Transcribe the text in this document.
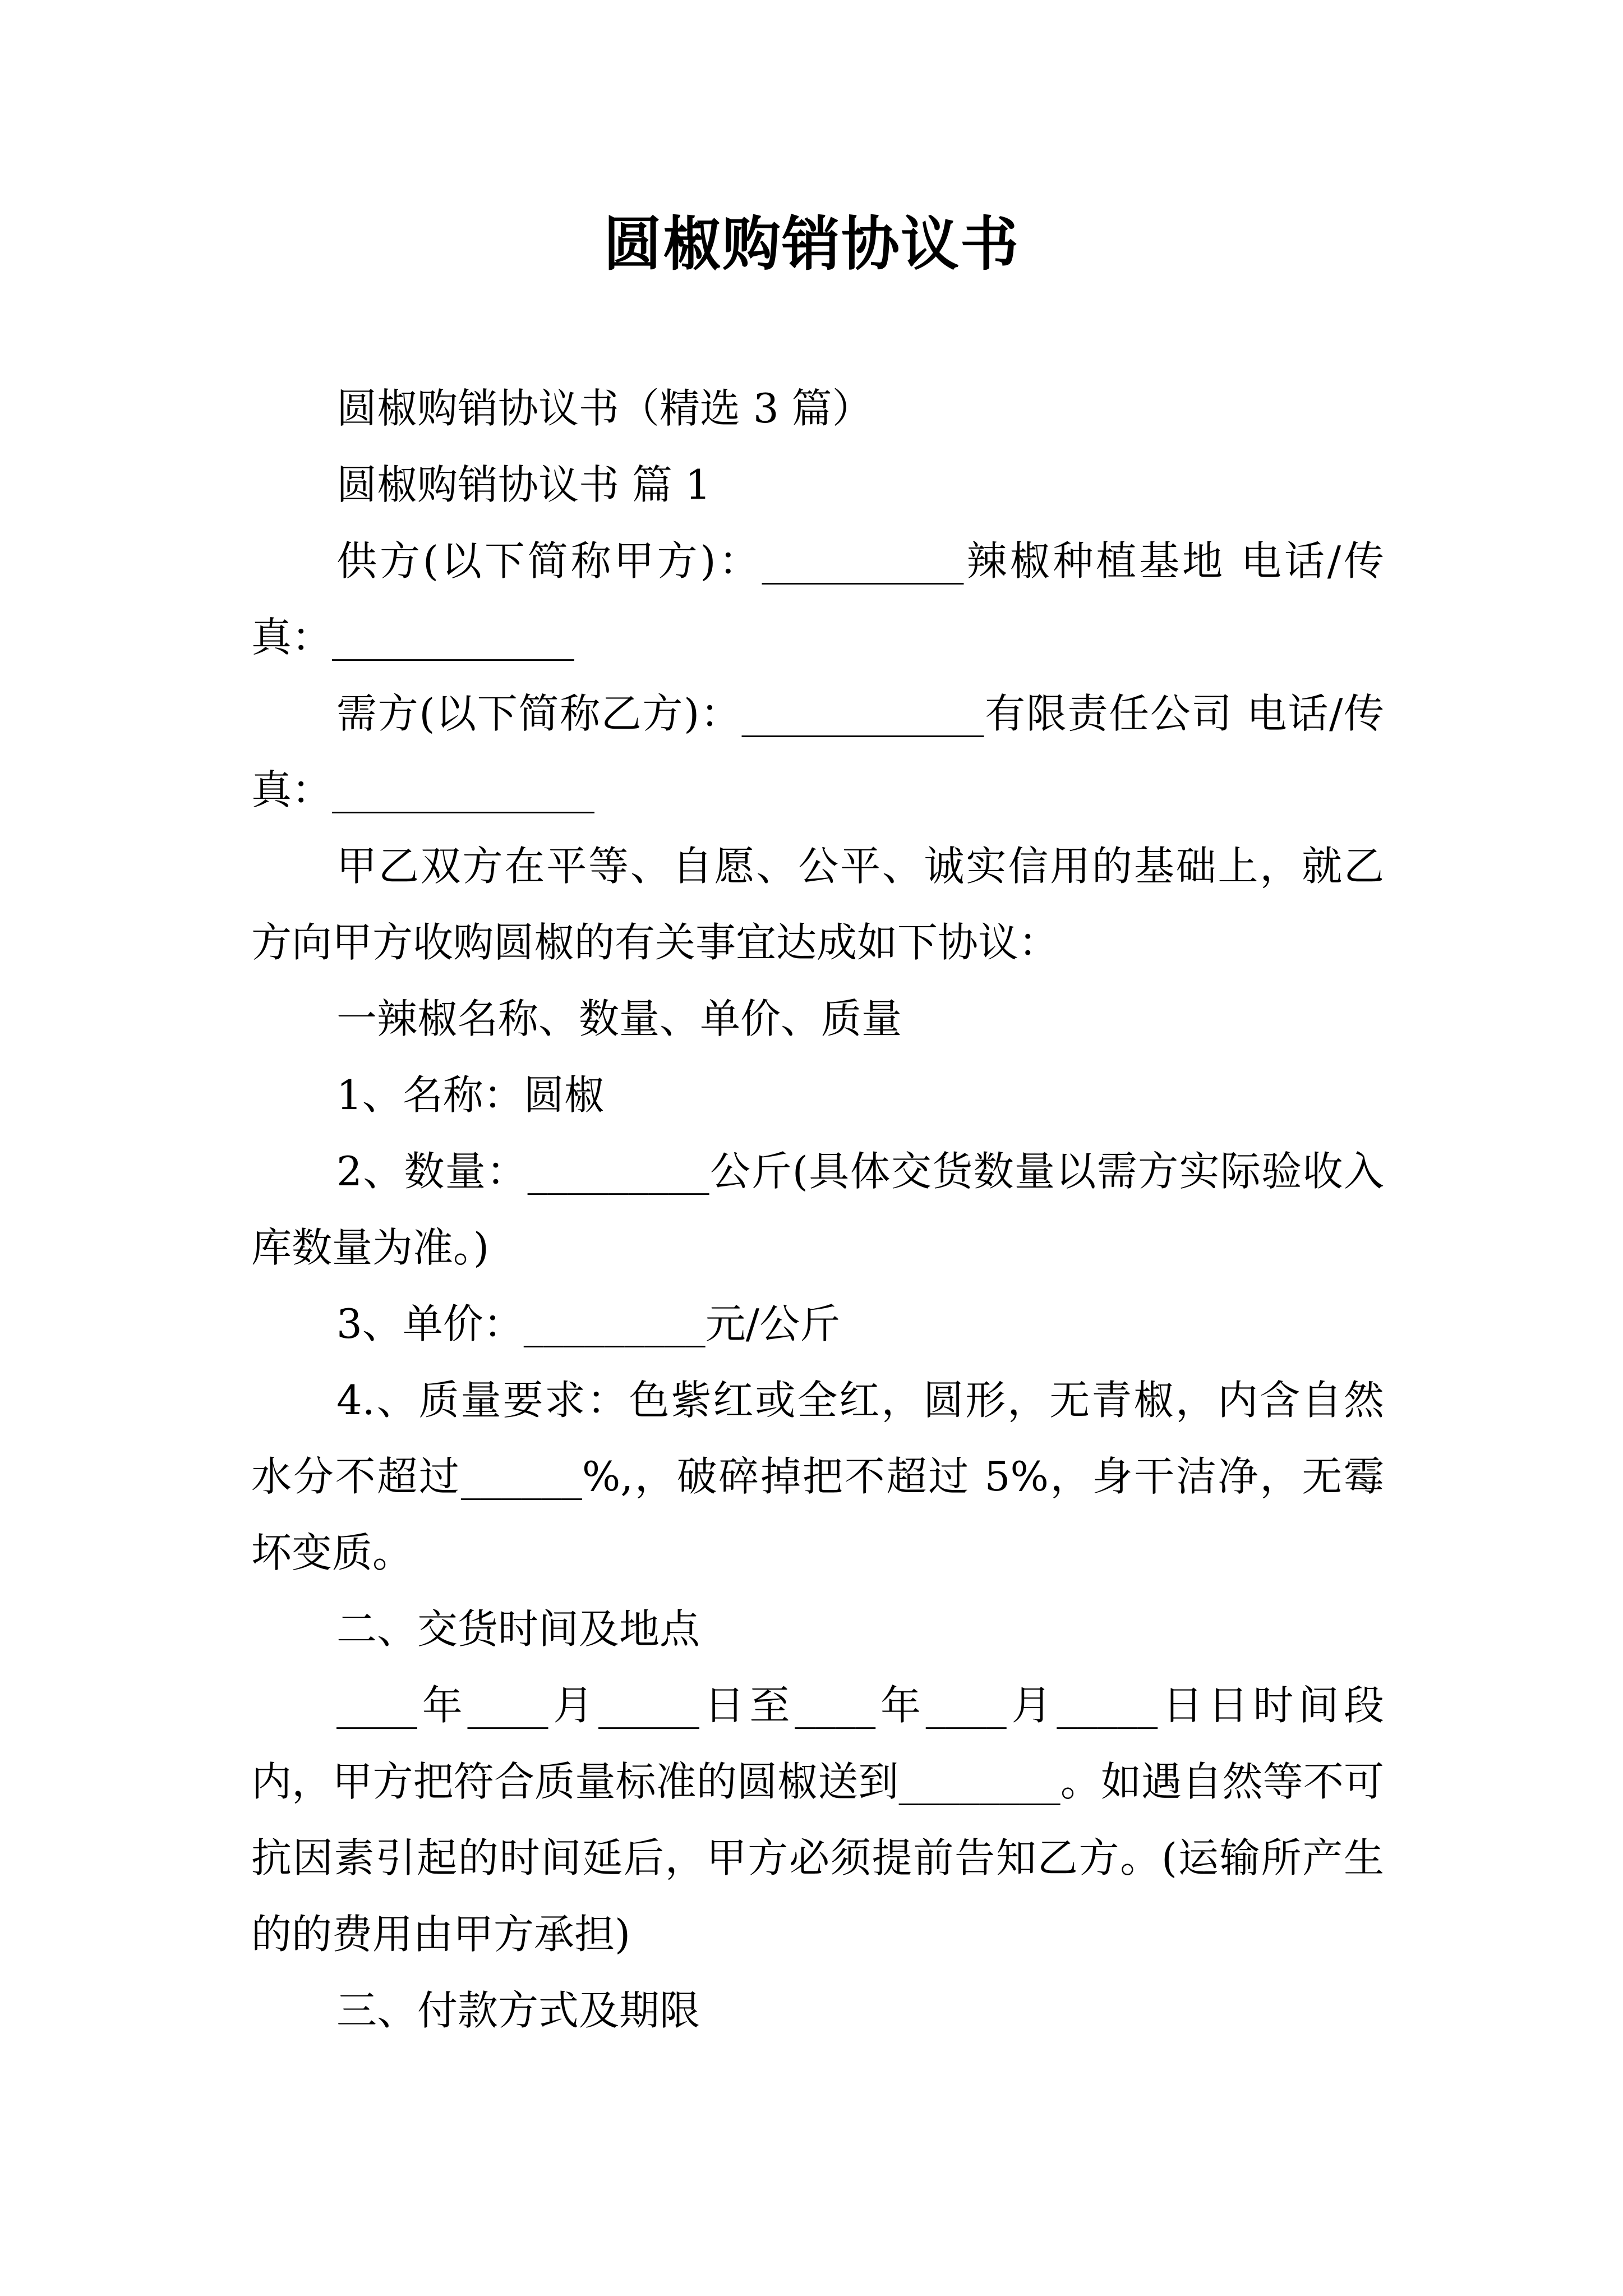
圆椒购销协议书

圆椒购销协议书（精选 3 篇）

圆椒购销协议书 篇 1

供方(以下简称甲方)：__________辣椒种植基地 电话/传真：____________

需方(以下简称乙方)：____________有限责任公司 电话/传真：_____________

甲乙双方在平等、自愿、公平、诚实信用的基础上，就乙方向甲方收购圆椒的有关事宜达成如下协议：

一辣椒名称、数量、单价、质量

1、名称：圆椒

2、数量：_________公斤(具体交货数量以需方实际验收入库数量为准。)

3、单价：_________元/公斤

4.、质量要求：色紫红或全红，圆形，无青椒，内含自然水分不超过______%,，破碎掉把不超过 5%，身干洁净，无霉坏变质。

二、交货时间及地点

____年____月_____日至____年____月_____日日时间段内，甲方把符合质量标准的圆椒送到________。如遇自然等不可抗因素引起的时间延后，甲方必须提前告知乙方。(运输所产生的的费用由甲方承担)

三、付款方式及期限
